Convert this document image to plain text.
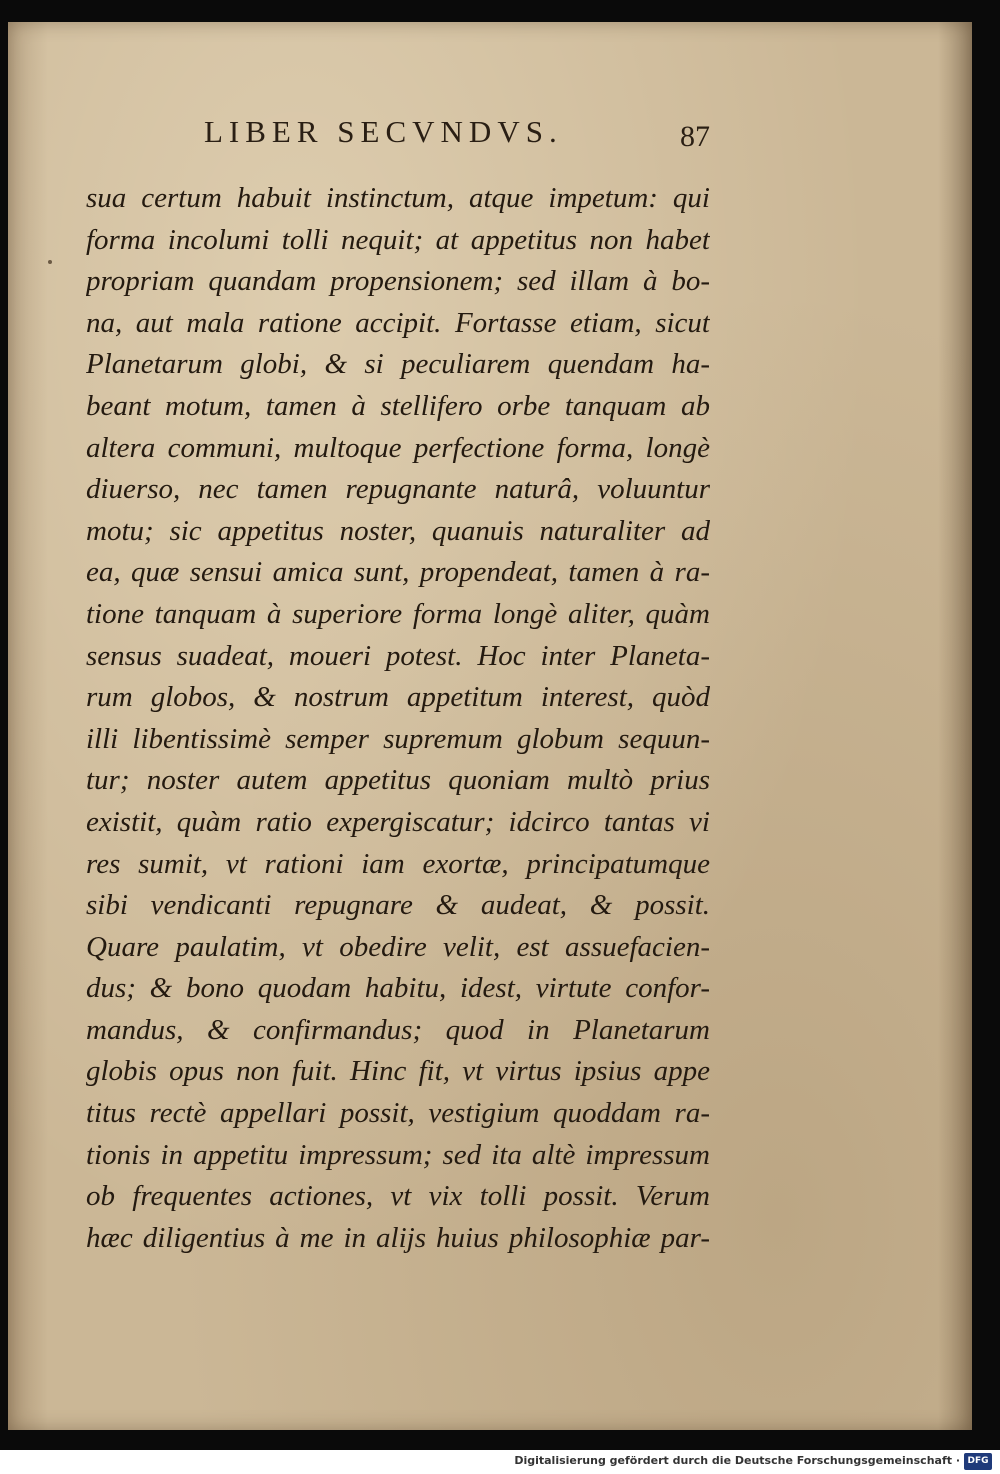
LIBER SECVNDVS.	87
sua certum habuit instinctum, atque impetum: qui
forma incolumi tolli nequit; at appetitus non habet
propriam quandam propensionem; sed illam à bo-
na, aut mala ratione accipit. Fortasse etiam, sicut
Planetarum globi, & si peculiarem quendam ha-
beant motum, tamen à stellifero orbe tanquam ab
altera communi, multoque perfectione forma, longè
diuerso, nec tamen repugnante naturâ, voluuntur
motu; sic appetitus noster, quanuis naturaliter ad
ea, quæ sensui amica sunt, propendeat, tamen à ra-
tione tanquam à superiore forma longè aliter, quàm
sensus suadeat, moueri potest. Hoc inter Planeta-
rum globos, & nostrum appetitum interest, quòd
illi libentissimè semper supremum globum sequun-
tur; noster autem appetitus quoniam multò prius
existit, quàm ratio expergiscatur; idcirco tantas vi
res sumit, vt rationi iam exortæ, principatumque
sibi vendicanti repugnare & audeat, & possit.
Quare paulatim, vt obedire velit, est assuefacien-
dus; & bono quodam habitu, idest, virtute confor-
mandus, & confirmandus; quod in Planetarum
globis opus non fuit. Hinc fit, vt virtus ipsius appe
titus rectè appellari possit, vestigium quoddam ra-
tionis in appetitu impressum; sed ita altè impressum
ob frequentes actiones, vt vix tolli possit. Verum
hæc diligentius à me in alijs huius philosophiæ par-
Digitalisierung gefördert durch die Deutsche Forschungsgemeinschaft · DFG
